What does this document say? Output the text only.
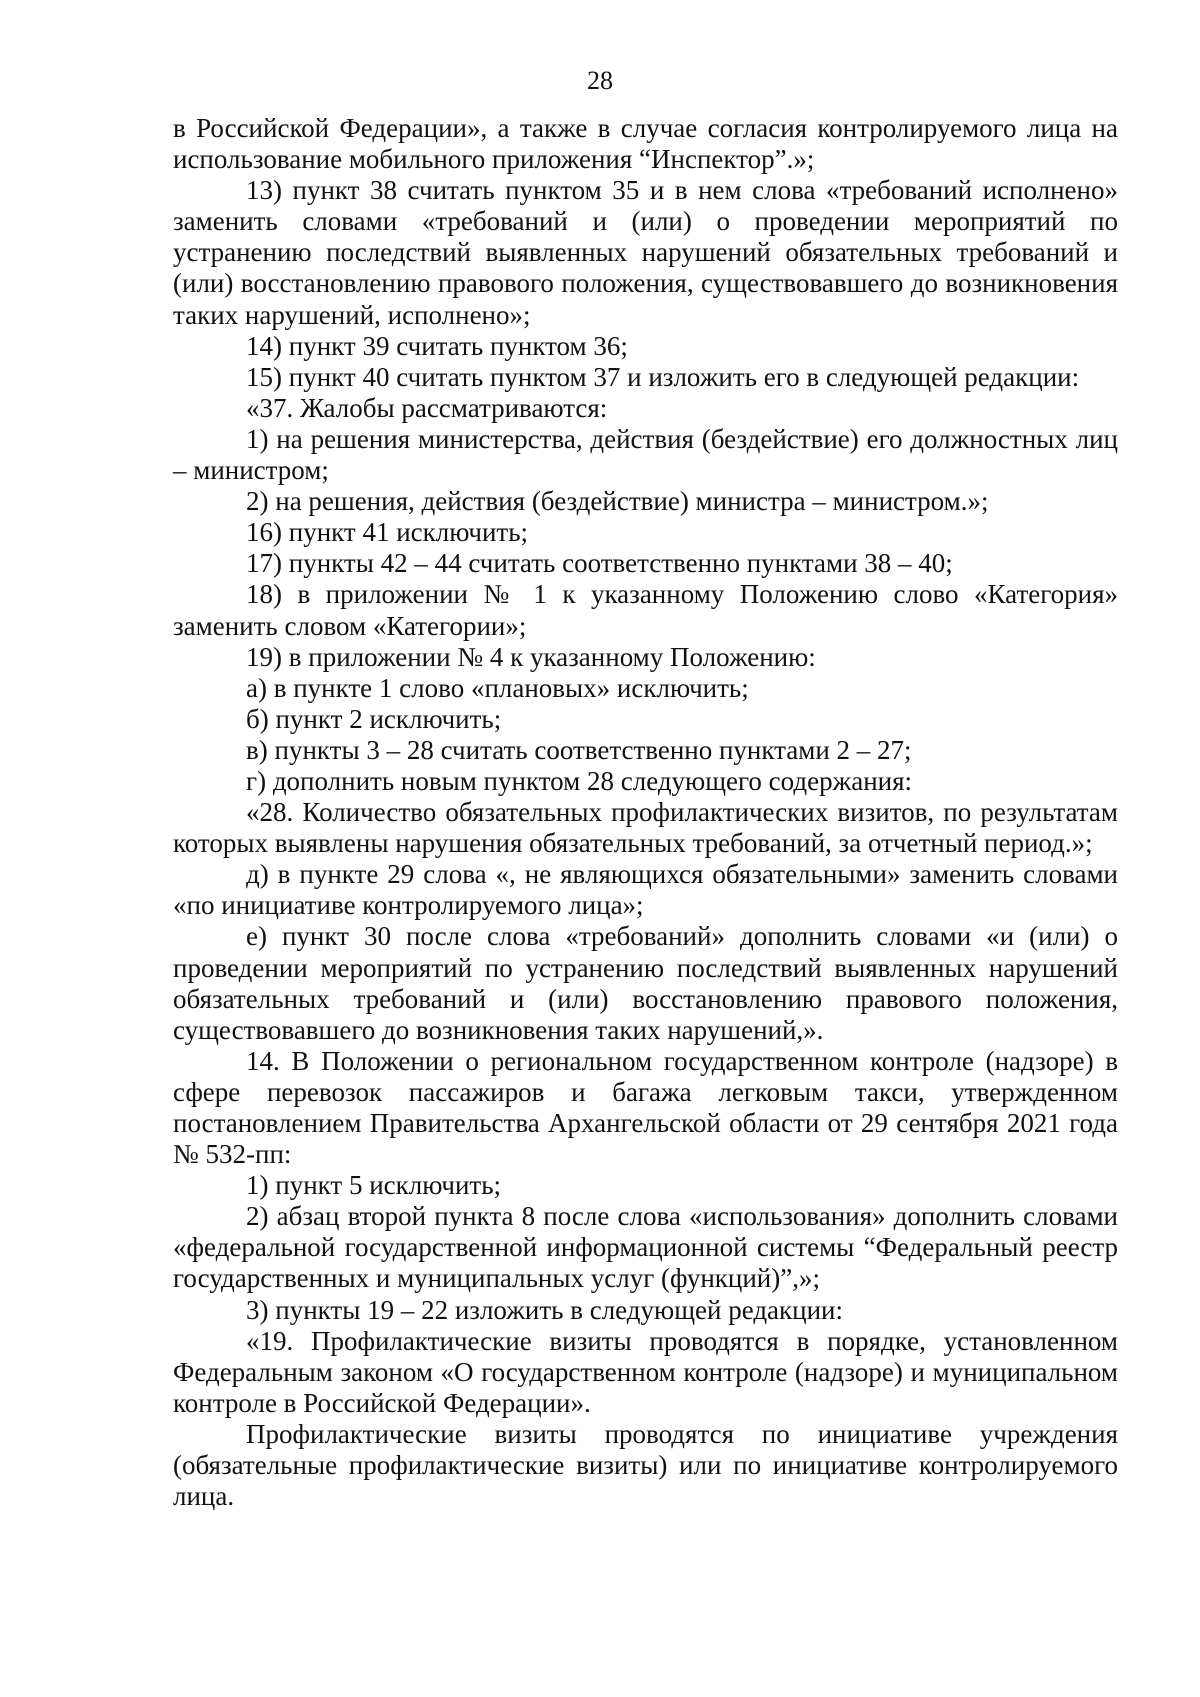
28

в Российской Федерации», а также в случае согласия контролируемого лица на использование мобильного приложения “Инспектор”.»;

13) пункт 38 считать пунктом 35 и в нем слова «требований исполнено» заменить словами «требований и (или) о проведении мероприятий по устранению последствий выявленных нарушений обязательных требований и (или) восстановлению правового положения, существовавшего до возникновения таких нарушений, исполнено»;

14) пункт 39 считать пунктом 36;

15) пункт 40 считать пунктом 37 и изложить его в следующей редакции:

«37. Жалобы рассматриваются:

1) на решения министерства, действия (бездействие) его должностных лиц – министром;

2) на решения, действия (бездействие) министра – министром.»;

16) пункт 41 исключить;

17) пункты 42 – 44 считать соответственно пунктами 38 – 40;

18) в приложении № 1 к указанному Положению слово «Категория» заменить словом «Категории»;

19) в приложении № 4 к указанному Положению:

а) в пункте 1 слово «плановых» исключить;

б) пункт 2 исключить;

в) пункты 3 – 28 считать соответственно пунктами 2 – 27;

г) дополнить новым пунктом 28 следующего содержания:

«28. Количество обязательных профилактических визитов, по результатам которых выявлены нарушения обязательных требований, за отчетный период.»;

д) в пункте 29 слова «, не являющихся обязательными» заменить словами «по инициативе контролируемого лица»;

е) пункт 30 после слова «требований» дополнить словами «и (или) о проведении мероприятий по устранению последствий выявленных нарушений обязательных требований и (или) восстановлению правового положения, существовавшего до возникновения таких нарушений,».

14. В Положении о региональном государственном контроле (надзоре) в сфере перевозок пассажиров и багажа легковым такси, утвержденном постановлением Правительства Архангельской области от 29 сентября 2021 года № 532-пп:

1) пункт 5 исключить;

2) абзац второй пункта 8 после слова «использования» дополнить словами «федеральной государственной информационной системы “Федеральный реестр государственных и муниципальных услуг (функций)”,»;

3) пункты 19 – 22 изложить в следующей редакции:

«19. Профилактические визиты проводятся в порядке, установленном Федеральным законом «О государственном контроле (надзоре) и муниципальном контроле в Российской Федерации».

Профилактические визиты проводятся по инициативе учреждения (обязательные профилактические визиты) или по инициативе контролируемого лица.
